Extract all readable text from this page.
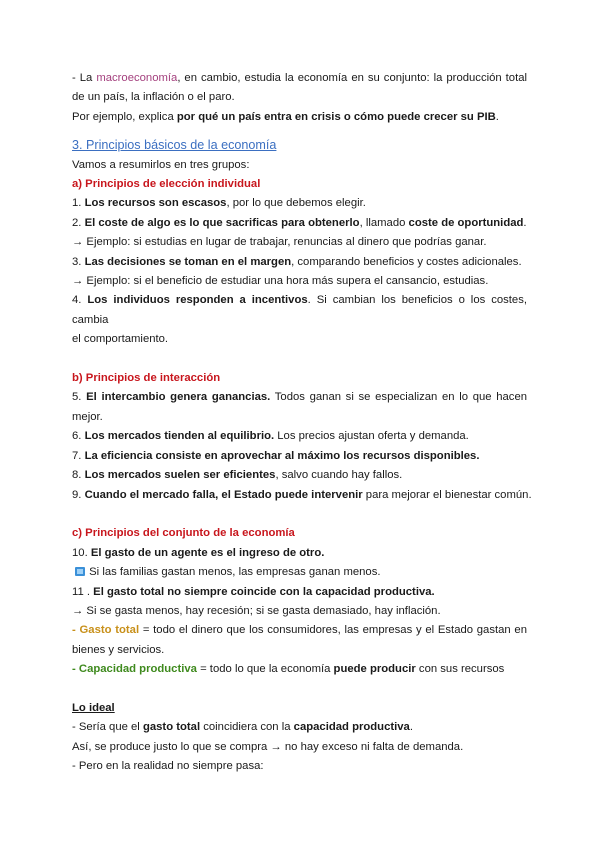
- La macroeconomía, en cambio, estudia la economía en su conjunto: la producción total
de un país, la inflación o el paro.
Por ejemplo, explica por qué un país entra en crisis o cómo puede crecer su PIB.
3. Principios básicos de la economía
Vamos a resumirlos en tres grupos:
a) Principios de elección individual
1. Los recursos son escasos, por lo que debemos elegir.
2. El coste de algo es lo que sacrificas para obtenerlo, llamado coste de oportunidad.
→ Ejemplo: si estudias en lugar de trabajar, renuncias al dinero que podrías ganar.
3. Las decisiones se toman en el margen, comparando beneficios y costes adicionales.
→ Ejemplo: si el beneficio de estudiar una hora más supera el cansancio, estudias.
4. Los individuos responden a incentivos. Si cambian los beneficios o los costes, cambia
el comportamiento.
b) Principios de interacción
5. El intercambio genera ganancias. Todos ganan si se especializan en lo que hacen
mejor.
6. Los mercados tienden al equilibrio. Los precios ajustan oferta y demanda.
7. La eficiencia consiste en aprovechar al máximo los recursos disponibles.
8. Los mercados suelen ser eficientes, salvo cuando hay fallos.
9. Cuando el mercado falla, el Estado puede intervenir para mejorar el bienestar común.
c) Principios del conjunto de la economía
10. El gasto de un agente es el ingreso de otro.
Si las familias gastan menos, las empresas ganan menos.
11 . El gasto total no siempre coincide con la capacidad productiva.
→ Si se gasta menos, hay recesión; si se gasta demasiado, hay inflación.
- Gasto total = todo el dinero que los consumidores, las empresas y el Estado gastan en
bienes y servicios.
- Capacidad productiva = todo lo que la economía puede producir con sus recursos
Lo ideal
- Sería que el gasto total coincidiera con la capacidad productiva.
Así, se produce justo lo que se compra → no hay exceso ni falta de demanda.
- Pero en la realidad no siempre pasa:
